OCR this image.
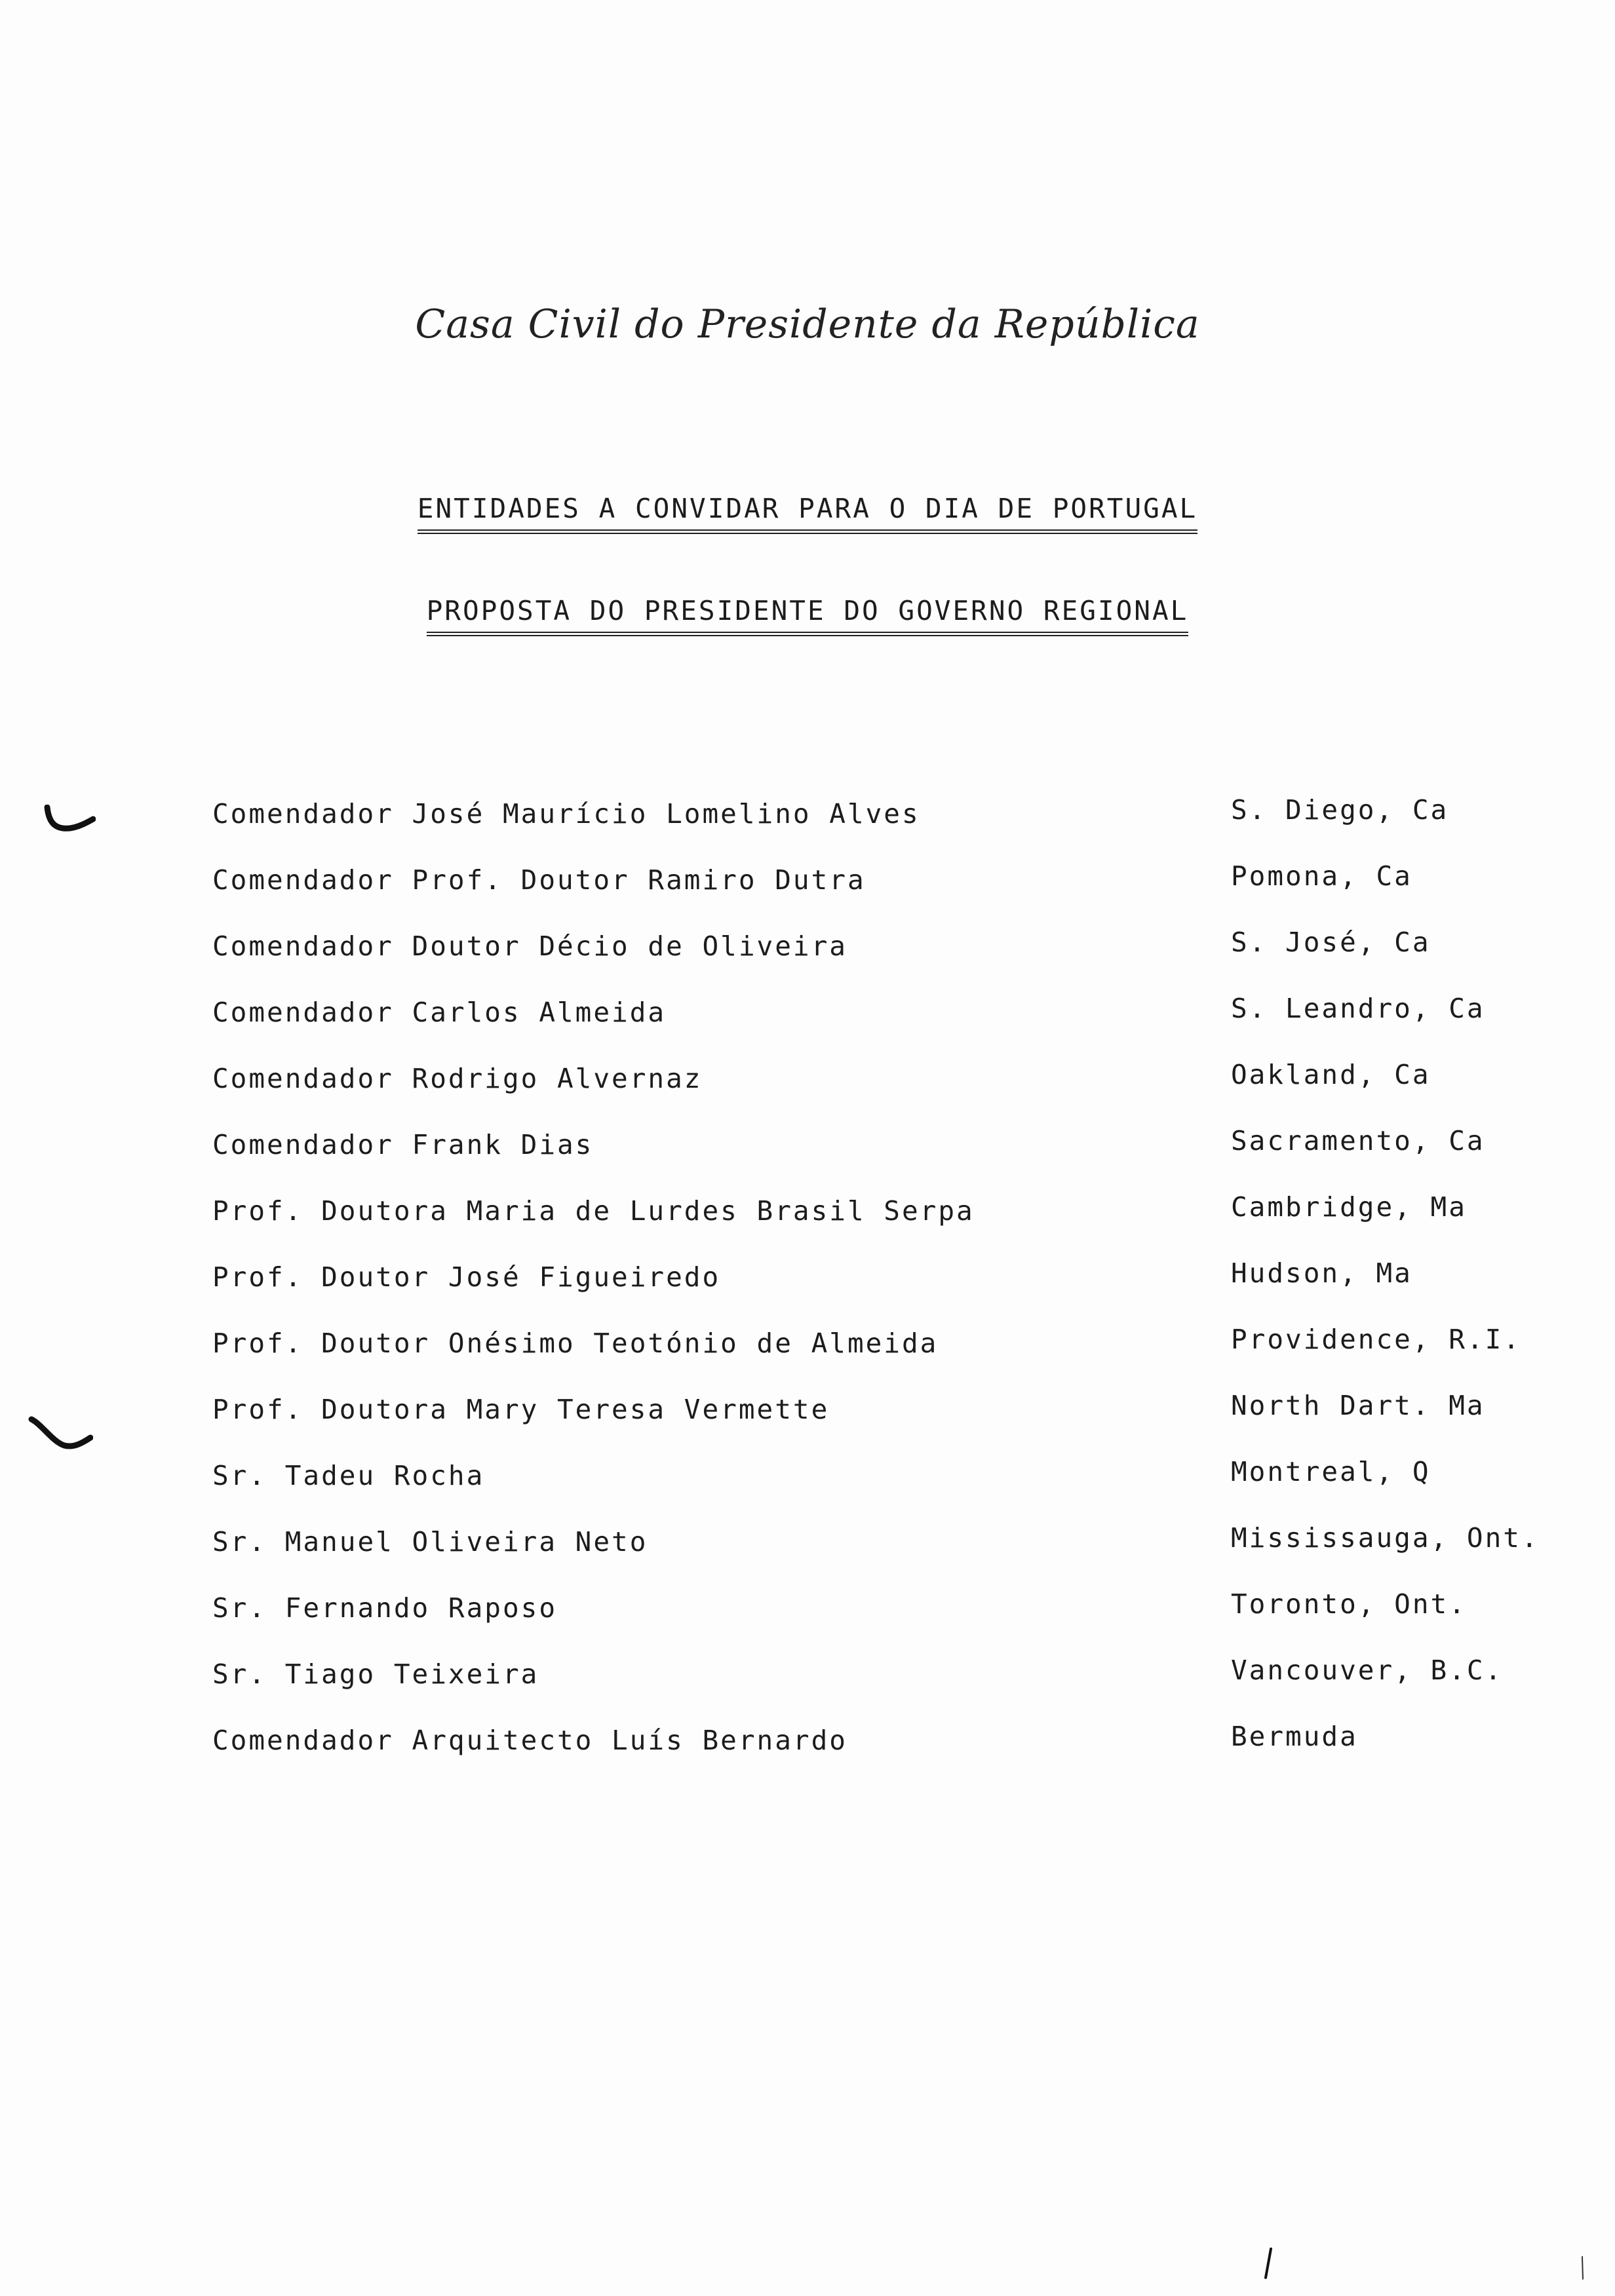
Casa Civil do Presidente da República
ENTIDADES A CONVIDAR PARA O DIA DE PORTUGAL
PROPOSTA DO PRESIDENTE DO GOVERNO REGIONAL
Comendador José Maurício Lomelino Alves	S. Diego, Ca
Comendador Prof. Doutor Ramiro Dutra	Pomona, Ca
Comendador Doutor Décio de Oliveira	S. José, Ca
Comendador Carlos Almeida	S. Leandro, Ca
Comendador Rodrigo Alvernaz	Oakland, Ca
Comendador Frank Dias	Sacramento, Ca
Prof. Doutora Maria de Lurdes Brasil Serpa	Cambridge, Ma
Prof. Doutor José Figueiredo	Hudson, Ma
Prof. Doutor Onésimo Teotónio de Almeida	Providence, R.I.
Prof. Doutora Mary Teresa Vermette	North Dart. Ma
Sr. Tadeu Rocha	Montreal, Q
Sr. Manuel Oliveira Neto	Mississauga, Ont.
Sr. Fernando Raposo	Toronto, Ont.
Sr. Tiago Teixeira	Vancouver, B.C.
Comendador Arquitecto Luís Bernardo	Bermuda
